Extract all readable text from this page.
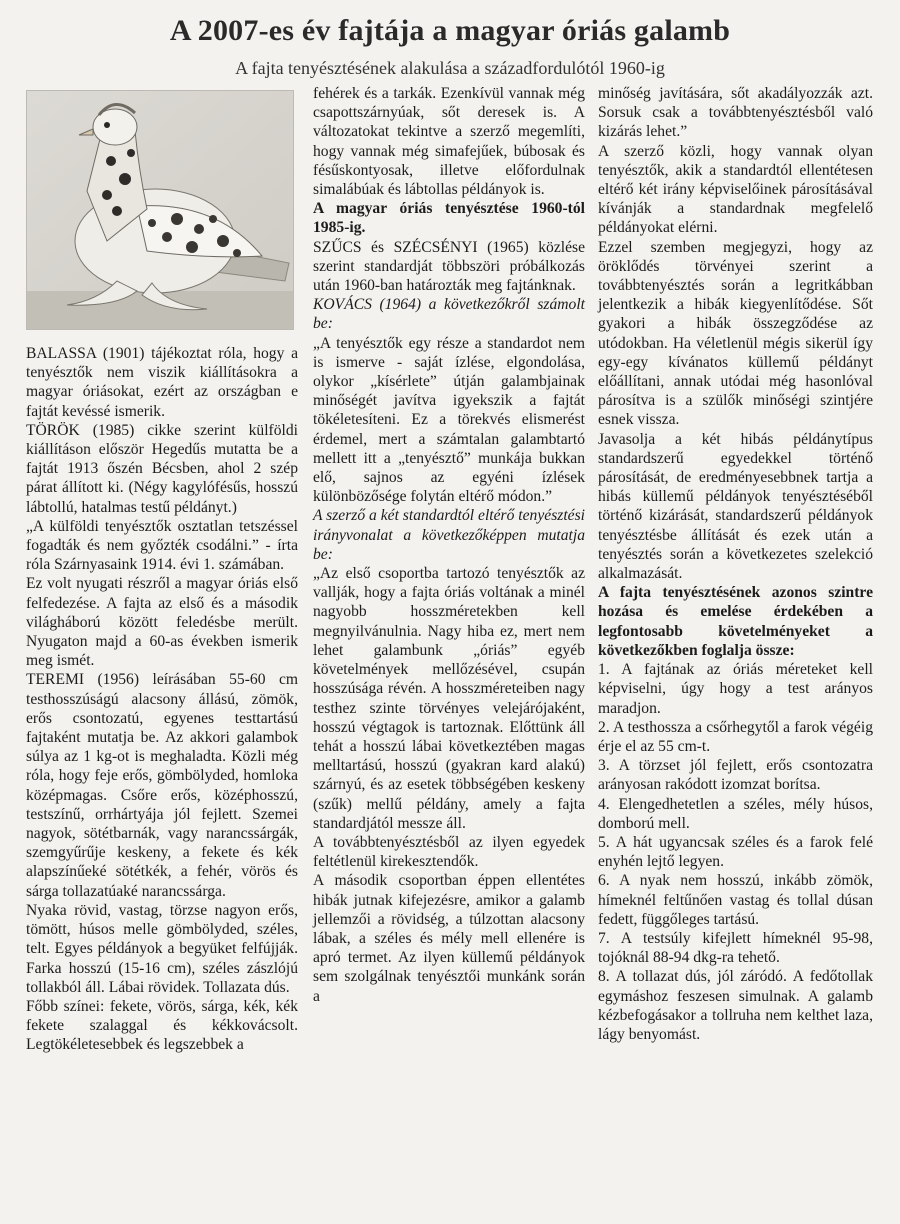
A 2007-es év fajtája a magyar óriás galamb
A fajta tenyésztésének alakulása a századfordulótól 1960-ig

BALASSA (1901) tájékoztat róla, hogy a tenyésztők nem viszik kiállításokra a magyar óriásokat, ezért az országban e fajtát kevéssé ismerik.

TÖRÖK (1985) cikke szerint külföldi kiállításon először Hegedűs mutatta be a fajtát 1913 őszén Bécsben, ahol 2 szép párat állított ki. (Négy kagylófésűs, hosszú lábtollú, hatalmas testű példányt.)

„A külföldi tenyésztők osztatlan tetszéssel fogadták és nem győzték csodálni.” - írta róla Szárnyasaink 1914. évi 1. számában.

Ez volt nyugati részről a magyar óriás első felfedezése. A fajta az első és a második világháború között feledésbe merült. Nyugaton majd a 60-as években ismerik meg ismét.

TEREMI (1956) leírásában 55-60 cm testhosszúságú alacsony állású, zömök, erős csontozatú, egyenes testtartású fajtaként mutatja be. Az akkori galambok súlya az 1 kg-ot is meghaladta. Közli még róla, hogy feje erős, gömbölyded, homloka középmagas. Csőre erős, középhosszú, testszínű, orrhártyája jól fejlett. Szemei nagyok, sötétbarnák, vagy narancssárgák, szemgyűrűje keskeny, a fekete és kék alapszínűeké sötétkék, a fehér, vörös és sárga tollazatúaké narancssárga.

Nyaka rövid, vastag, törzse nagyon erős, tömött, húsos melle gömbölyded, széles, telt. Egyes példányok a begyüket felfújják. Farka hosszú (15-16 cm), széles zászlójú tollakból áll. Lábai rövidek. Tollazata dús.

Főbb színei: fekete, vörös, sárga, kék, kék fekete szalaggal és kékkovácsolt. Legtökéletesebbek és legszebbek a

fehérek és a tarkák. Ezenkívül vannak még csapottszárnyúak, sőt deresek is. A változatokat tekintve a szerző megemlíti, hogy vannak még simafejűek, búbosak és fésűskontyosak, illetve előfordulnak simalábúak és lábtollas példányok is.

A magyar óriás tenyésztése 1960-tól 1985-ig.

SZŰCS és SZÉCSÉNYI (1965) közlése szerint standardját többszöri próbálkozás után 1960-ban határozták meg fajtánknak.

KOVÁCS (1964) a következőkről számolt be:

„A tenyésztők egy része a standardot nem is ismerve - saját ízlése, elgondolása, olykor „kísérlete” útján galambjainak minőségét javítva igyekszik a fajtát tökéletesíteni. Ez a törekvés elismerést érdemel, mert a számtalan galambtartó mellett itt a „tenyésztő” munkája bukkan elő, sajnos az egyéni ízlések különbözősége folytán eltérő módon.”

A szerző a két standardtól eltérő tenyésztési irányvonalat a következőképpen mutatja be:

„Az első csoportba tartozó tenyésztők az vallják, hogy a fajta óriás voltának a minél nagyobb hosszméretekben kell megnyilvánulnia. Nagy hiba ez, mert nem lehet galambunk „óriás” egyéb követelmények mellőzésével, csupán hosszúsága révén. A hosszméreteiben nagy testhez szinte törvényes velejárójaként, hosszú végtagok is tartoznak. Előttünk áll tehát a hosszú lábai következtében magas melltartású, hosszú (gyakran kard alakú) szárnyú, és az esetek többségében keskeny (szűk) mellű példány, amely a fajta standardjától messze áll.

A továbbtenyésztésből az ilyen egyedek feltétlenül kirekesztendők.

A második csoportban éppen ellentétes hibák jutnak kifejezésre, amikor a galamb jellemzői a rövidség, a túlzottan alacsony lábak, a széles és mély mell ellenére is apró termet. Az ilyen küllemű példányok sem szolgálnak tenyésztői munkánk során a

minőség javítására, sőt akadályozzák azt. Sorsuk csak a továbbtenyésztésből való kizárás lehet.”

A szerző közli, hogy vannak olyan tenyésztők, akik a standardtól ellentétesen eltérő két irány képviselőinek párosításával kívánják a standardnak megfelelő példányokat elérni.

Ezzel szemben megjegyzi, hogy az öröklődés törvényei szerint a továbbtenyésztés során a legritkábban jelentkezik a hibák kiegyenlítődése. Sőt gyakori a hibák összegződése az utódokban. Ha véletlenül mégis sikerül így egy-egy kívánatos küllemű példányt előállítani, annak utódai még hasonlóval párosítva is a szülők minőségi szintjére esnek vissza.

Javasolja a két hibás példánytípus standardszerű egyedekkel történő párosítását, de eredményesebbnek tartja a hibás küllemű példányok tenyésztéséből történő kizárását, standardszerű példányok tenyésztésbe állítását és ezek után a tenyésztés során a következetes szelekció alkalmazását.

A fajta tenyésztésének azonos szintre hozása és emelése érdekében a legfontosabb követelményeket a következőkben foglalja össze:

1. A fajtának az óriás méreteket kell képviselni, úgy hogy a test arányos maradjon.

2. A testhossza a csőrhegytől a farok végéig érje el az 55 cm-t.

3. A törzset jól fejlett, erős csontozatra arányosan rakódott izomzat borítsa.

4. Elengedhetetlen a széles, mély húsos, domború mell.

5. A hát ugyancsak széles és a farok felé enyhén lejtő legyen.

6. A nyak nem hosszú, inkább zömök, hímeknél feltűnően vastag és tollal dúsan fedett, függőleges tartású.

7. A testsúly kifejlett hímeknél 95-98, tojóknál 88-94 dkg-ra tehető.

8. A tollazat dús, jól záródó. A fedőtollak egymáshoz feszesen simulnak. A galamb kézbefogásakor a tollruha nem kelthet laza, lágy benyomást.
